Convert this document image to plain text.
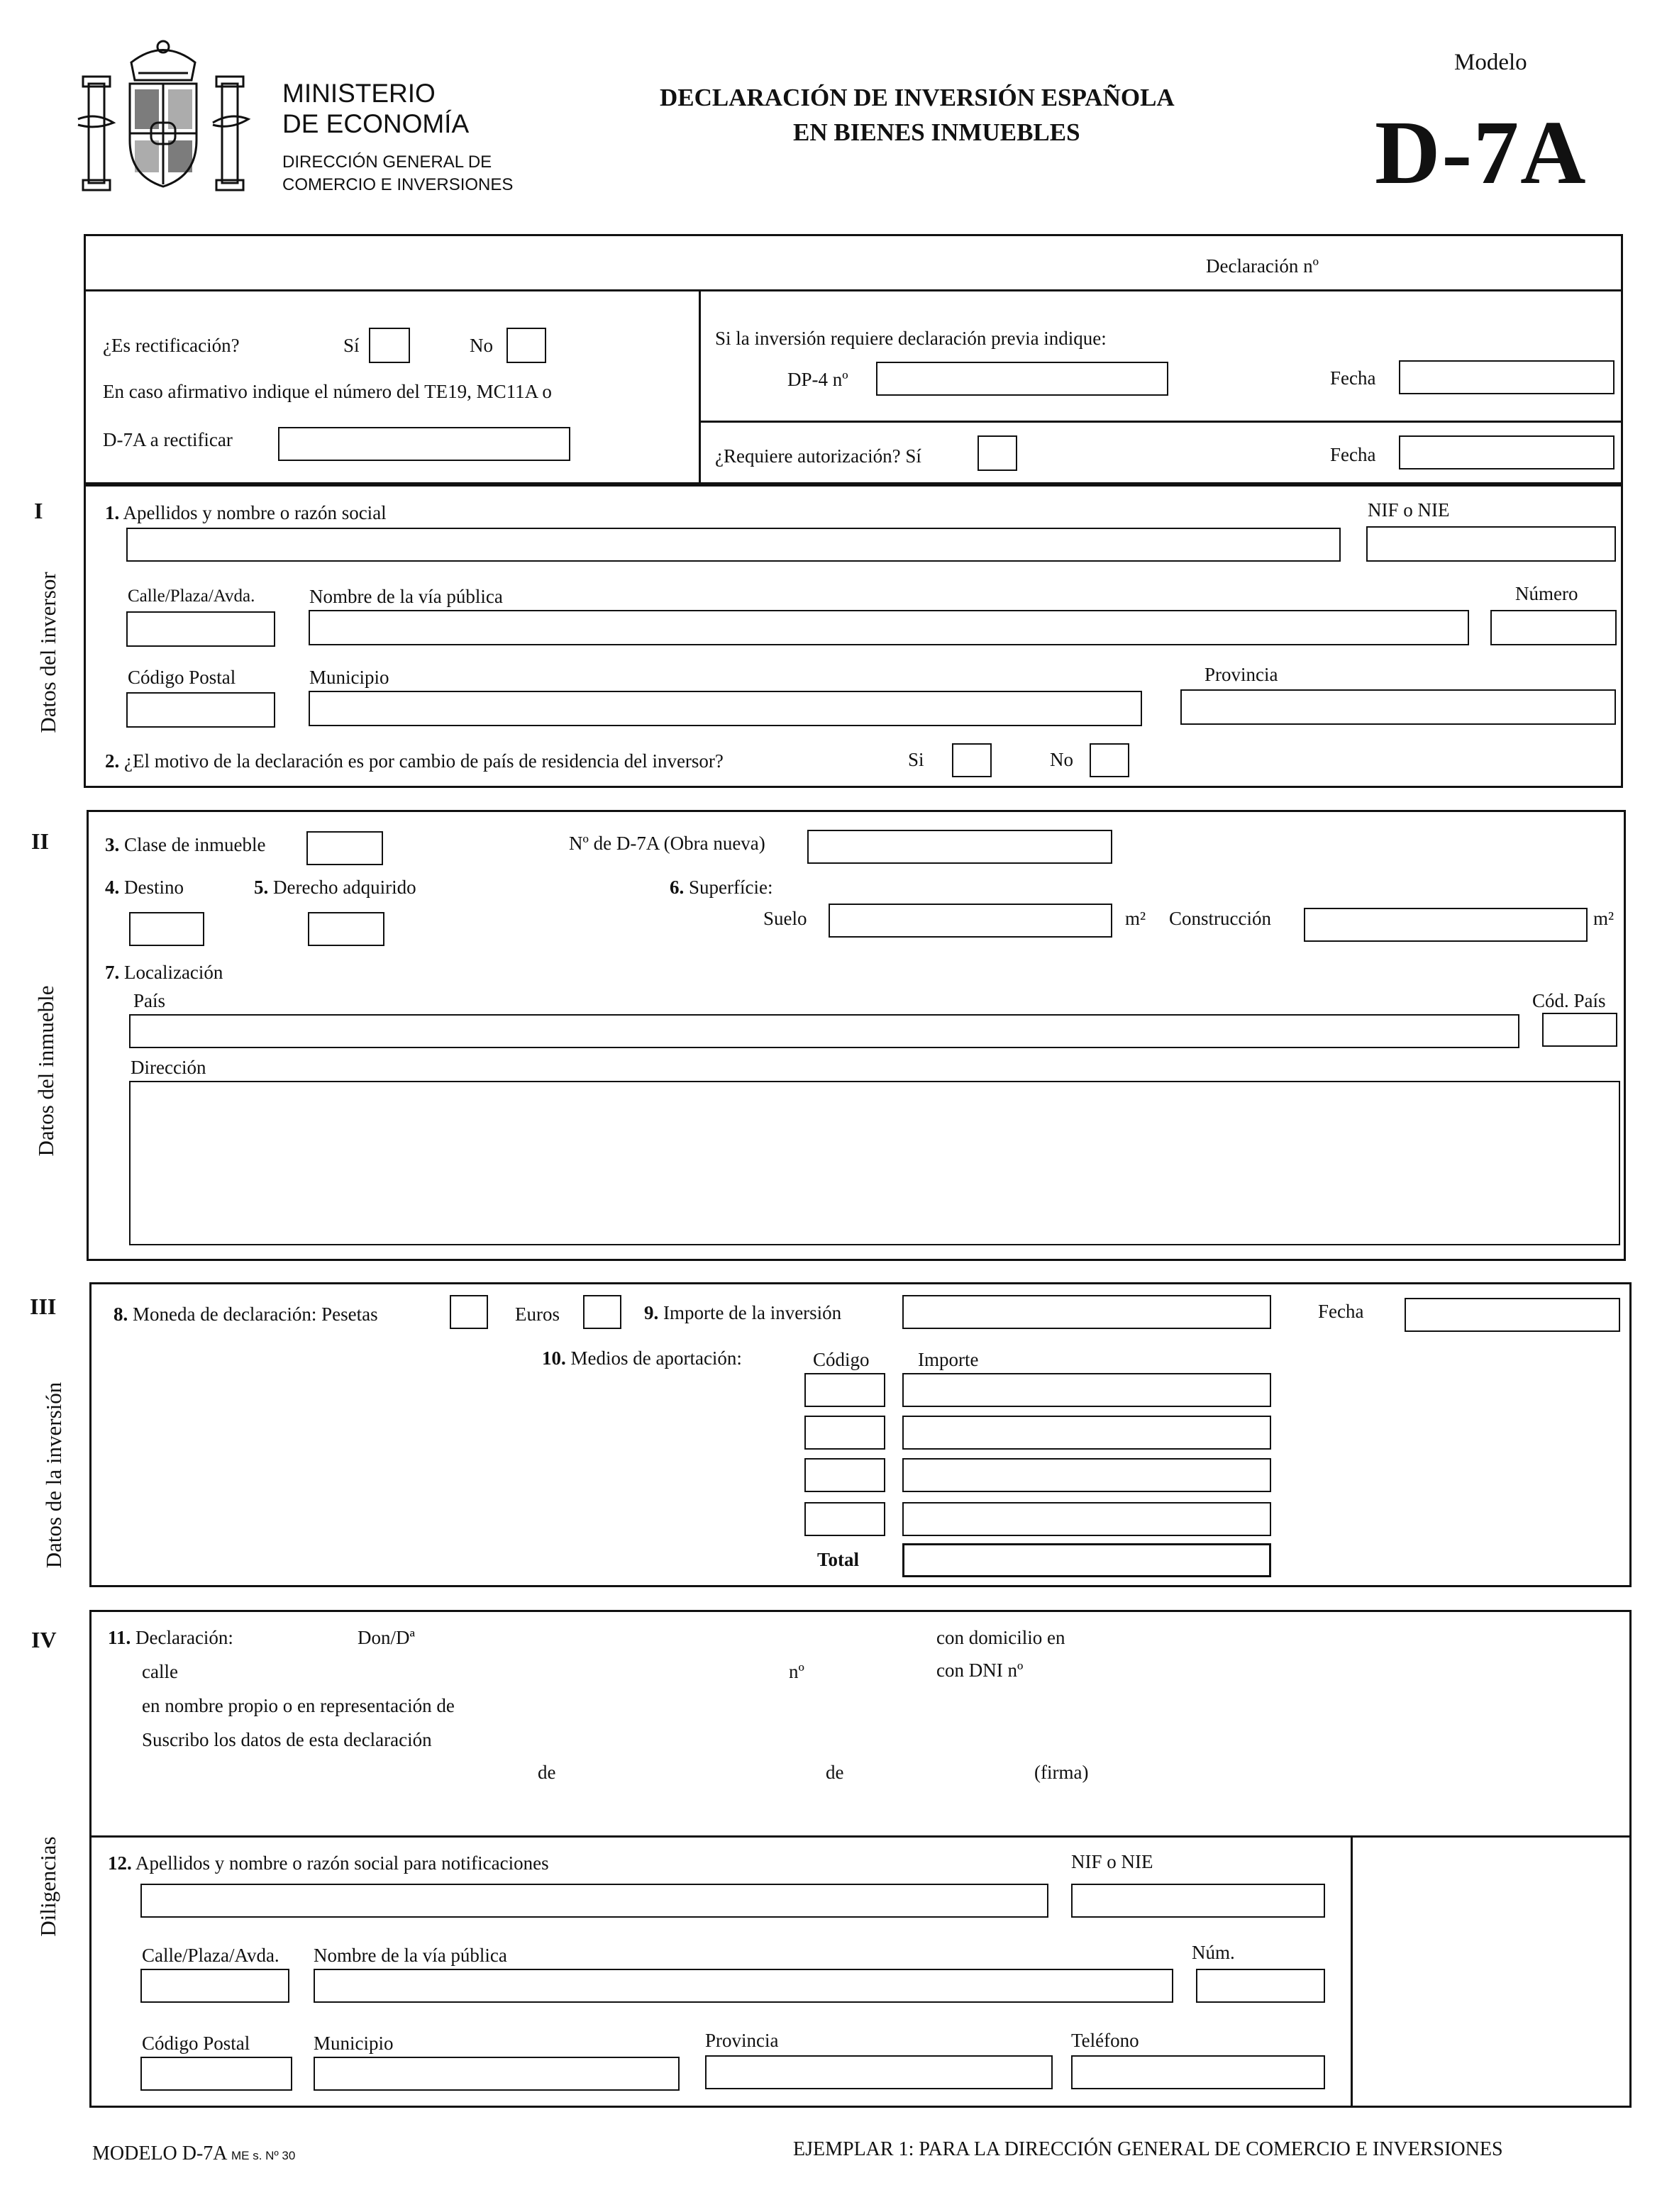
MINISTERIO
DE ECONOMÍA
DIRECCIÓN GENERAL DE
COMERCIO E INVERSIONES
DECLARACIÓN DE INVERSIÓN ESPAÑOLA
EN BIENES INMUEBLES
Modelo
D-7A
Declaración nº
¿Es rectificación?	Sí	No
En caso afirmativo indique el número del TE19, MC11A o
D-7A a rectificar
Si la inversión requiere declaración previa indique:
DP-4 nº	Fecha
¿Requiere autorización? Sí	Fecha
I
Datos del inversor
1. Apellidos y nombre o razón social	NIF o NIE
Calle/Plaza/Avda.	Nombre de la vía pública	Número
Código Postal	Municipio	Provincia
2. ¿El motivo de la declaración es por cambio de país de residencia del inversor?	Si	No
II
Datos del inmueble
3. Clase de inmueble	Nº de D-7A (Obra nueva)
4. Destino	5. Derecho adquirido	6. Superfície:
Suelo	m² Construcción	m²
7. Localización
País	Cód. País
Dirección
III
Datos de la inversión
8. Moneda de declaración: Pesetas	Euros	9. Importe de la inversión	Fecha
10. Medios de aportación:	Código	Importe
Total
IV	11. Declaración:	Don/Dª	con domicilio en
calle	nº	con DNI nº
en nombre propio o en representación de
Suscribo los datos de esta declaración
de	de	(firma)
Diligencias 12. Apellidos y nombre o razón social para notificaciones	NIF o NIE
Calle/Plaza/Avda. Nombre de la vía pública	Núm.
Código Postal	Municipio	Provincia	Teléfono
MODELO D-7A ME s. Nº 30	EJEMPLAR 1: PARA LA DIRECCIÓN GENERAL DE COMERCIO E INVERSIONES
